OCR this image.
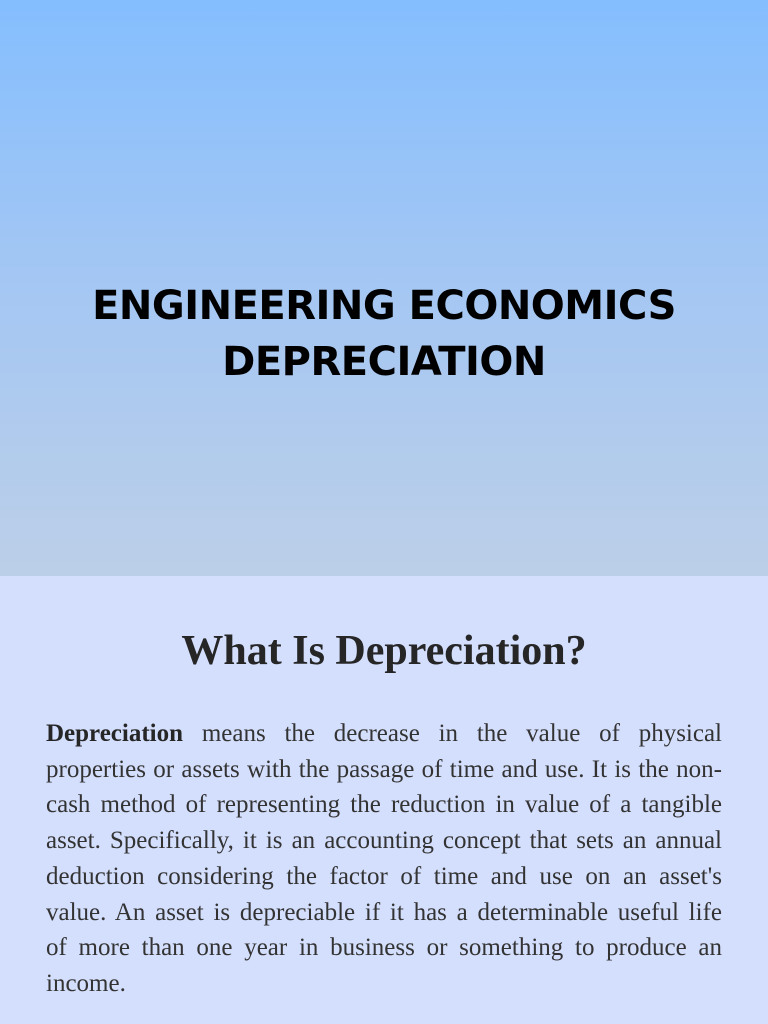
ENGINEERING ECONOMICS
DEPRECIATION
What Is Depreciation?

Depreciation means the decrease in the value of physical properties or assets with the passage of time and use. It is the non-cash method of representing the reduction in value of a tangible asset. Specifically, it is an accounting concept that sets an annual deduction considering the factor of time and use on an asset's value. An asset is depreciable if it has a determinable useful life of more than one year in business or something to produce an income.
